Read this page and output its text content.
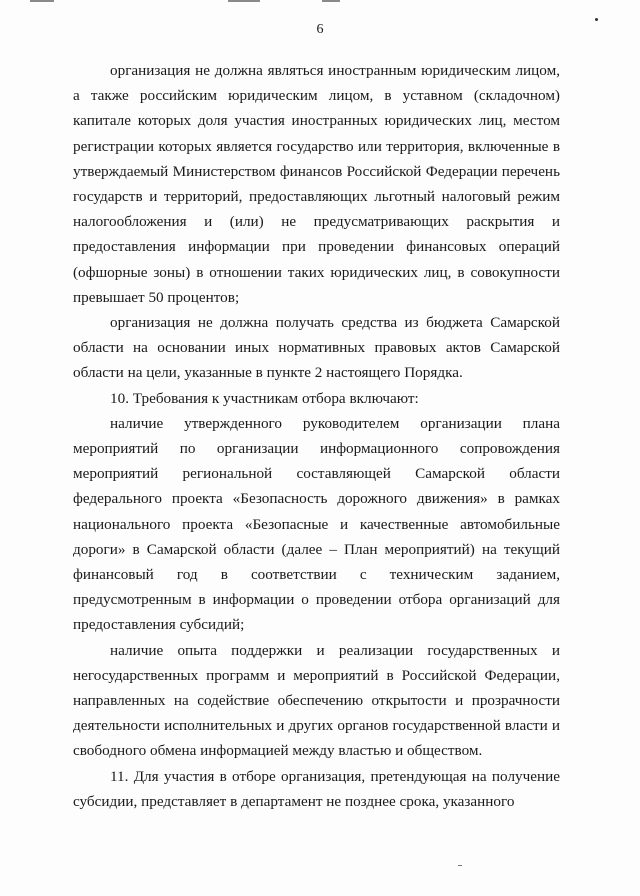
6

организация не должна являться иностранным юридическим лицом, а также российским юридическим лицом, в уставном (складочном) капитале которых доля участия иностранных юридических лиц, местом регистрации которых является государство или территория, включенные в утверждаемый Министерством финансов Российской Федерации перечень государств и территорий, предоставляющих льготный налоговый режим налогообложения и (или) не предусматривающих раскрытия и предоставления информации при проведении финансовых операций (офшорные зоны) в отношении таких юридических лиц, в совокупности превышает 50 процентов;

организация не должна получать средства из бюджета Самарской области на основании иных нормативных правовых актов Самарской области на цели, указанные в пункте 2 настоящего Порядка.

10. Требования к участникам отбора включают:

наличие утвержденного руководителем организации плана мероприятий по организации информационного сопровождения мероприятий региональной составляющей Самарской области федерального проекта «Безопасность дорожного движения» в рамках национального проекта «Безопасные и качественные автомобильные дороги» в Самарской области (далее – План мероприятий) на текущий финансовый год в соответствии с техническим заданием, предусмотренным в информации о проведении отбора организаций для предоставления субсидий;

наличие опыта поддержки и реализации государственных и негосударственных программ и мероприятий в Российской Федерации, направленных на содействие обеспечению открытости и прозрачности деятельности исполнительных и других органов государственной власти и свободного обмена информацией между властью и обществом.

11. Для участия в отборе организация, претендующая на получение субсидии, представляет в департамент не позднее срока, указанного
